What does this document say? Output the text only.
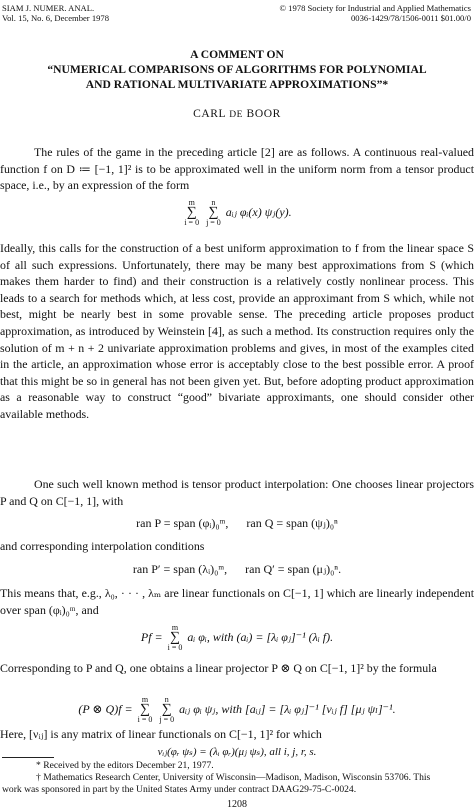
SIAM J. NUMER. ANAL.
Vol. 15, No. 6, December 1978
© 1978 Society for Industrial and Applied Mathematics
0036-1429/78/1506-0011 $01.00/0
A COMMENT ON
“NUMERICAL COMPARISONS OF ALGORITHMS FOR POLYNOMIAL
AND RATIONAL MULTIVARIATE APPROXIMATIONS”*
CARL DE BOOR

The rules of the game in the preceding article [2] are as follows. A continuous real-valued function f on D ≔ [−1, 1]² is to be approximated well in the uniform norm from a tensor product space, i.e., by an expression of the form

m
∑
i = 0 n
∑
j = 0 aᵢⱼ φᵢ(x) ψⱼ(y).

Ideally, this calls for the construction of a best uniform approximation to f from the linear space S of all such expressions. Unfortunately, there may be many best approximations from S (which makes them harder to find) and their construction is a relatively costly nonlinear process. This leads to a search for methods which, at less cost, provide an approximant from S which, while not best, might be nearly best in some provable sense. The preceding article proposes product approximation, as introduced by Weinstein [4], as such a method. Its construction requires only the solution of m + n + 2 univariate approximation problems and gives, in most of the examples cited in the article, an approximation whose error is acceptably close to the best possible error. A proof that this might be so in general has not been given yet. But, before adopting product approximation as a reasonable way to construct “good” bivariate approximants, one should consider other available methods.

One such well known method is tensor product interpolation: One chooses linear projectors P and Q on C[−1, 1], with

ran P = span (φᵢ)₀ᵐ, ran Q = span (ψⱼ)₀ⁿ

and corresponding interpolation conditions

ran P′ = span (λᵢ)₀ᵐ, ran Q′ = span (μⱼ)₀ⁿ.

This means that, e.g., λ₀, · · · , λₘ are linear functionals on C[−1, 1] which are linearly independent over span (φᵢ)₀ᵐ, and

Pf = m
∑
i = 0 aᵢ φᵢ, with (aᵢ) = [λᵢ φⱼ]⁻¹ (λᵢ f).

Corresponding to P and Q, one obtains a linear projector P ⊗ Q on C[−1, 1]² by the formula

(P ⊗ Q)f = m
∑
i = 0 n
∑
j = 0 aᵢⱼ φᵢ ψⱼ, with [aᵢⱼ] = [λᵢ φⱼ]⁻¹ [νᵢⱼ f] [μⱼ ψₗ]⁻¹.

Here, [νᵢⱼ] is any matrix of linear functionals on C[−1, 1]² for which

νᵢⱼ(φᵣ ψₛ) = (λᵢ φᵣ)(μⱼ ψₛ), all i, j, r, s.
* Received by the editors December 21, 1977.
† Mathematics Research Center, University of Wisconsin—Madison, Madison, Wisconsin 53706. This
work was sponsored in part by the United States Army under contract DAAG29-75-C-0024.
1208
